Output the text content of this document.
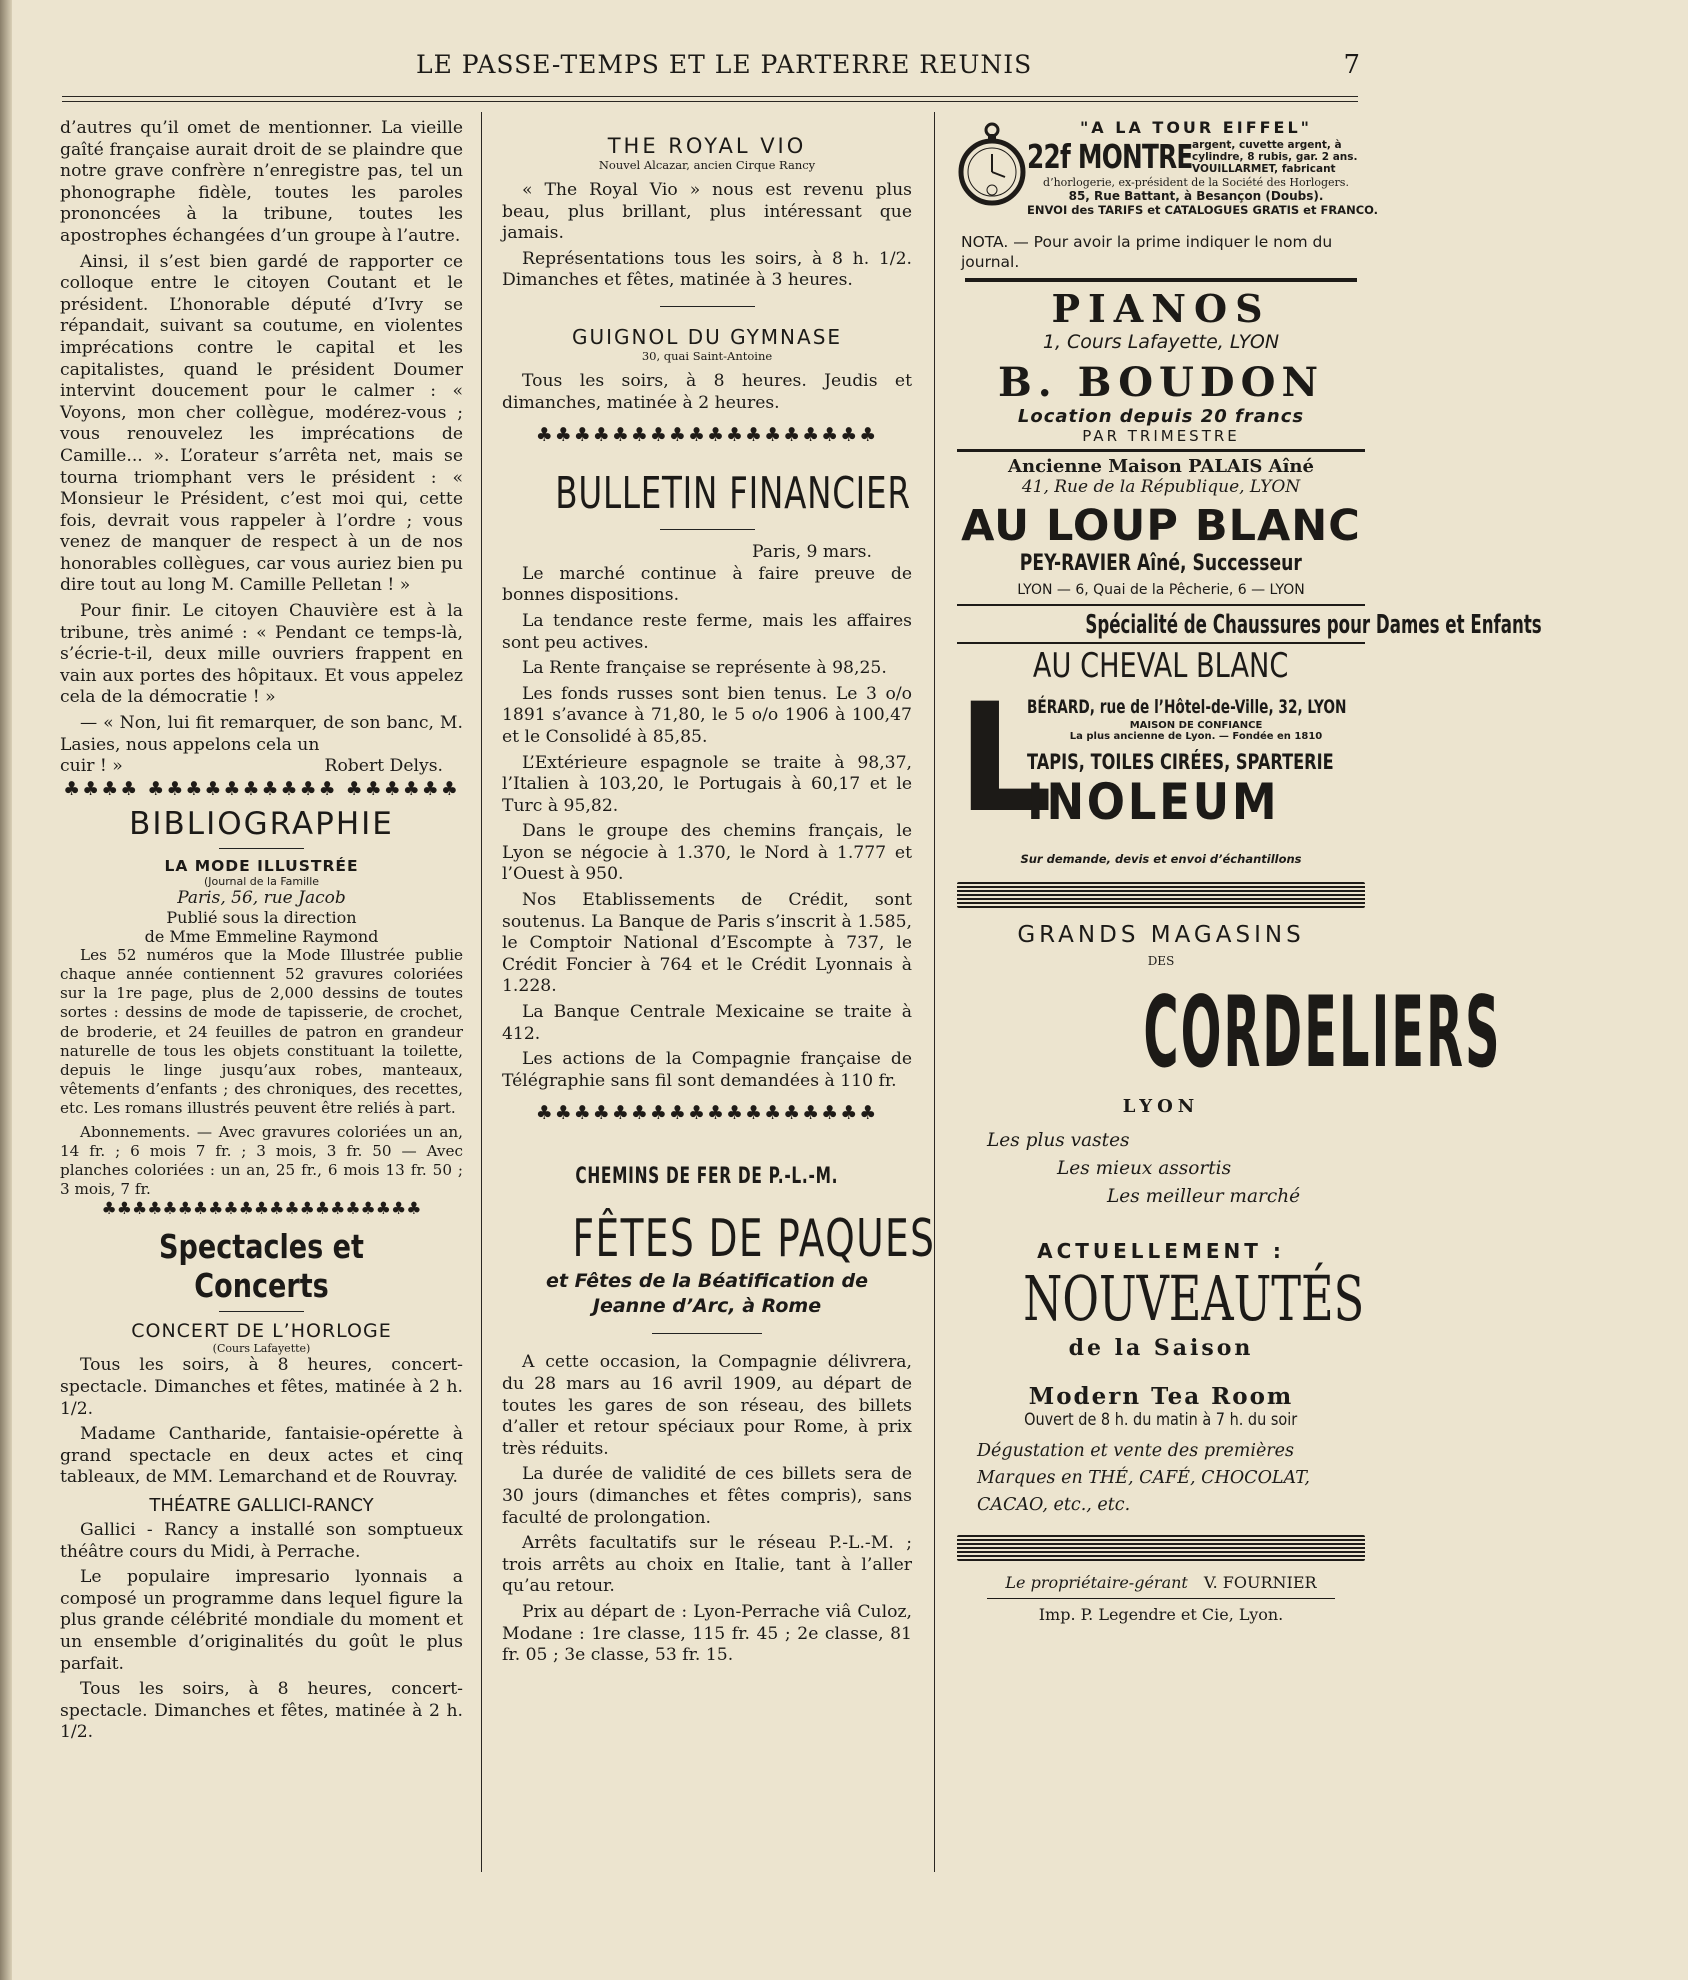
LE PASSE-TEMPS ET LE PARTERRE REUNIS	7

d’autres qu’il omet de mentionner. La vieille gaîté française aurait droit de se plaindre que notre grave confrère n’enregistre pas, tel un phonographe fidèle, toutes les paroles prononcées à la tribune, toutes les apostrophes échangées d’un groupe à l’autre.

Ainsi, il s’est bien gardé de rapporter ce colloque entre le citoyen Coutant et le président. L’honorable député d’Ivry se répandait, suivant sa coutume, en violentes imprécations contre le capital et les capitalistes, quand le président Doumer intervint doucement pour le calmer : « Voyons, mon cher collègue, modérez-vous ; vous renouvelez les imprécations de Camille... ». L’orateur s’arrêta net, mais se tourna triomphant vers le président : « Monsieur le Président, c’est moi qui, cette fois, devrait vous rappeler à l’ordre ; vous venez de manquer de respect à un de nos honorables collègues, car vous auriez bien pu dire tout au long M. Camille Pelletan ! »

Pour finir. Le citoyen Chauvière est à la tribune, très animé : « Pendant ce temps-là, s’écrie-t-il, deux mille ouvriers frappent en vain aux portes des hôpitaux. Et vous appelez cela de la démocratie ! »

— « Non, lui fit remarquer, de son banc, M. Lasies, nous appelons cela un

cuir ! »	Robert Delys.
♣♣♣♣ ♣♣♣♣♣♣♣♣♣♣ ♣♣♣♣♣♣
BIBLIOGRAPHIE
LA MODE ILLUSTRÉE
(Journal de la Famille
Paris, 56, rue Jacob
Publié sous la direction
de Mme Emmeline Raymond

Les 52 numéros que la Mode Illustrée publie chaque année contiennent 52 gravures coloriées sur la 1re page, plus de 2,000 dessins de toutes sortes : dessins de mode de tapisserie, de crochet, de broderie, et 24 feuilles de patron en grandeur naturelle de tous les objets constituant la toilette, depuis le linge jusqu’aux robes, manteaux, vêtements d’enfants ; des chroniques, des recettes, etc. Les romans illustrés peuvent être reliés à part.

Abonnements. — Avec gravures coloriées un an, 14 fr. ; 6 mois 7 fr. ; 3 mois, 3 fr. 50 — Avec planches coloriées : un an, 25 fr., 6 mois 13 fr. 50 ; 3 mois, 7 fr.

♣♣♣♣♣♣♣♣♣♣♣♣♣♣♣♣♣♣♣♣♣
Spectacles et Concerts
CONCERT DE L’HORLOGE
(Cours Lafayette)

Tous les soirs, à 8 heures, concert-spectacle. Dimanches et fêtes, matinée à 2 h. 1/2.

Madame Cantharide, fantaisie-opérette à grand spectacle en deux actes et cinq tableaux, de MM. Lemarchand et de Rouvray.

THÉATRE GALLICI-RANCY

Gallici - Rancy a installé son somptueux théâtre cours du Midi, à Perrache.

Le populaire impresario lyonnais a composé un programme dans lequel figure la plus grande célébrité mondiale du moment et un ensemble d’originalités du goût le plus parfait.

Tous les soirs, à 8 heures, concert-spectacle. Dimanches et fêtes, matinée à 2 h. 1/2.

THE ROYAL VIO
Nouvel Alcazar, ancien Cirque Rancy

« The Royal Vio » nous est revenu plus beau, plus brillant, plus intéressant que jamais.

Représentations tous les soirs, à 8 h. 1/2. Dimanches et fêtes, matinée à 3 heures.

GUIGNOL DU GYMNASE
30, quai Saint-Antoine

Tous les soirs, à 8 heures. Jeudis et dimanches, matinée à 2 heures.

♣♣♣♣♣♣♣♣♣♣♣♣♣♣♣♣♣♣
BULLETIN FINANCIER

Paris, 9 mars.

Le marché continue à faire preuve de bonnes dispositions.

La tendance reste ferme, mais les affaires sont peu actives.

La Rente française se représente à 98,25.

Les fonds russes sont bien tenus. Le 3 o/o 1891 s’avance à 71,80, le 5 o/o 1906 à 100,47 et le Consolidé à 85,85.

L’Extérieure espagnole se traite à 98,37, l’Italien à 103,20, le Portugais à 60,17 et le Turc à 95,82.

Dans le groupe des chemins français, le Lyon se négocie à 1.370, le Nord à 1.777 et l’Ouest à 950.

Nos Etablissements de Crédit, sont soutenus. La Banque de Paris s’inscrit à 1.585, le Comptoir National d’Escompte à 737, le Crédit Foncier à 764 et le Crédit Lyonnais à 1.228.

La Banque Centrale Mexicaine se traite à 412.

Les actions de la Compagnie française de Télégraphie sans fil sont demandées à 110 fr.

♣♣♣♣♣♣♣♣♣♣♣♣♣♣♣♣♣♣
CHEMINS DE FER DE P.-L.-M.
FÊTES DE PAQUES
et Fêtes de la Béatification de Jeanne d’Arc, à Rome

A cette occasion, la Compagnie délivrera, du 28 mars au 16 avril 1909, au départ de toutes les gares de son réseau, des billets d’aller et retour spéciaux pour Rome, à prix très réduits.

La durée de validité de ces billets sera de 30 jours (dimanches et fêtes compris), sans faculté de prolongation.

Arrêts facultatifs sur le réseau P.-L.-M. ; trois arrêts au choix en Italie, tant à l’aller qu’au retour.

Prix au départ de : Lyon-Perrache viâ Culoz, Modane : 1re classe, 115 fr. 45 ; 2e classe, 81 fr. 05 ; 3e classe, 53 fr. 15.

"A LA TOUR EIFFEL"
22f MONTRE argent, cuvette argent, à cylindre, 8 rubis, gar. 2 ans. VOUILLARMET, fabricant
d’horlogerie, ex-président de la Société des Horlogers.
85, Rue Battant, à Besançon (Doubs).
ENVOI des TARIFS et CATALOGUES GRATIS et FRANCO.
NOTA. — Pour avoir la prime indiquer le nom du journal.
PIANOS
1, Cours Lafayette, LYON
B. BOUDON
Location depuis 20 francs
PAR TRIMESTRE
Ancienne Maison PALAIS Aîné
41, Rue de la République, LYON
AU LOUP BLANC
PEY-RAVIER Aîné, Successeur
LYON — 6, Quai de la Pêcherie, 6 — LYON
Spécialité de Chaussures pour Dames et Enfants
AU CHEVAL BLANC
L
BÉRARD, rue de l’Hôtel-de-Ville, 32, LYON
MAISON DE CONFIANCE
La plus ancienne de Lyon. — Fondée en 1810
TAPIS, TOILES CIRÉES, SPARTERIE
INOLEUM
Sur demande, devis et envoi d’échantillons
GRANDS MAGASINS
DES
CORDELIERS
LYON
Les plus vastes
Les mieux assortis
Les meilleur marché
ACTUELLEMENT :
NOUVEAUTÉS
de la Saison
Modern Tea Room
Ouvert de 8 h. du matin à 7 h. du soir
Dégustation et vente des premières Marques en THÉ, CAFÉ, CHOCOLAT, CACAO, etc., etc.
Le propriétaire-gérant V. FOURNIER
Imp. P. Legendre et Cie, Lyon.
